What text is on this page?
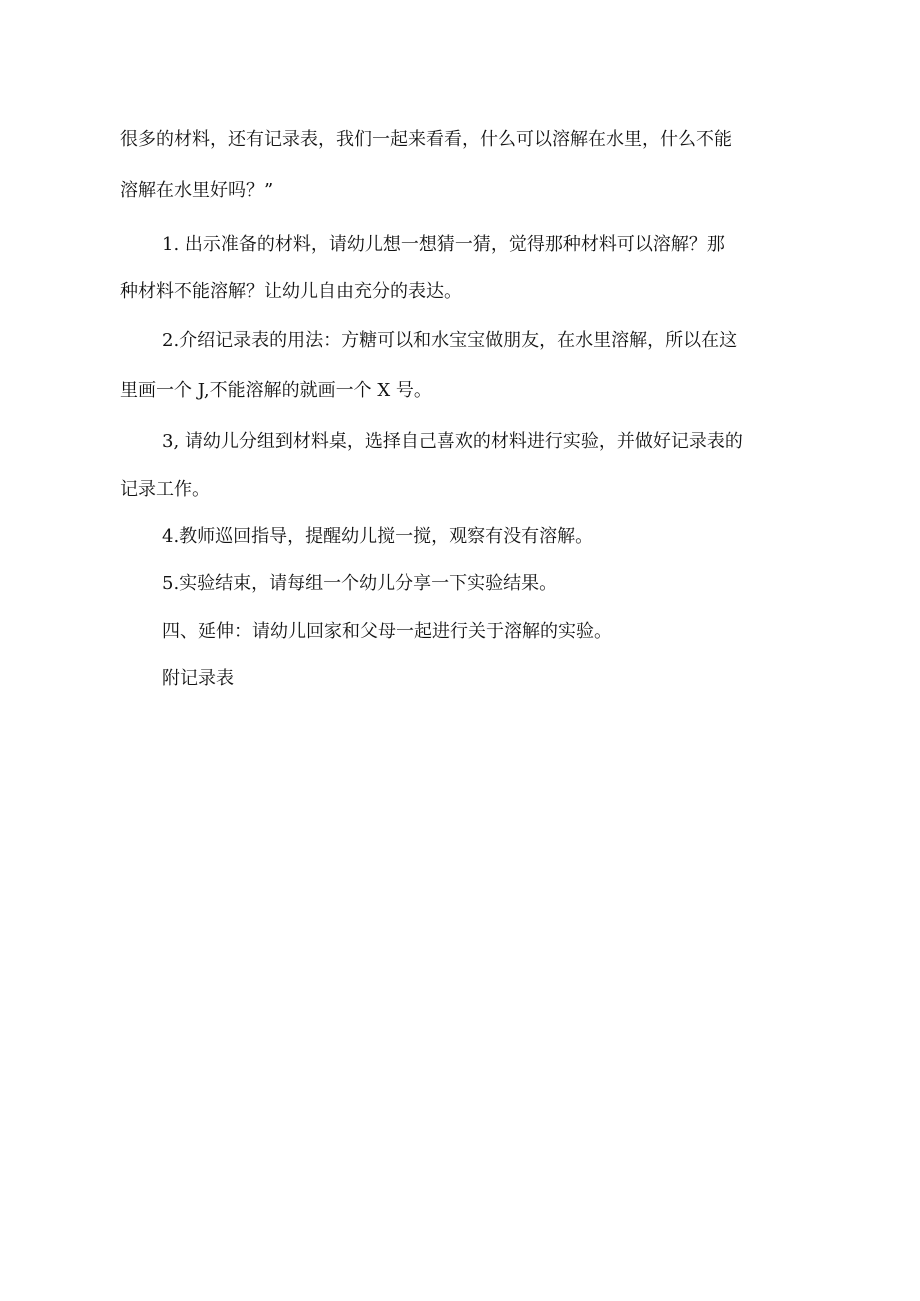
很多的材料，还有记录表，我们一起来看看，什么可以溶解在水里，什么不能
溶解在水里好吗？”
1. 出示准备的材料，请幼儿想一想猜一猜，觉得那种材料可以溶解？那
种材料不能溶解？让幼儿自由充分的表达。
2.介绍记录表的用法：方糖可以和水宝宝做朋友，在水里溶解，所以在这
里画一个 J,不能溶解的就画一个 X 号。
3, 请幼儿分组到材料桌，选择自己喜欢的材料进行实验，并做好记录表的
记录工作。
4.教师巡回指导，提醒幼儿搅一搅，观察有没有溶解。
5.实验结束，请每组一个幼儿分享一下实验结果。
四、延伸：请幼儿回家和父母一起进行关于溶解的实验。
附记录表
